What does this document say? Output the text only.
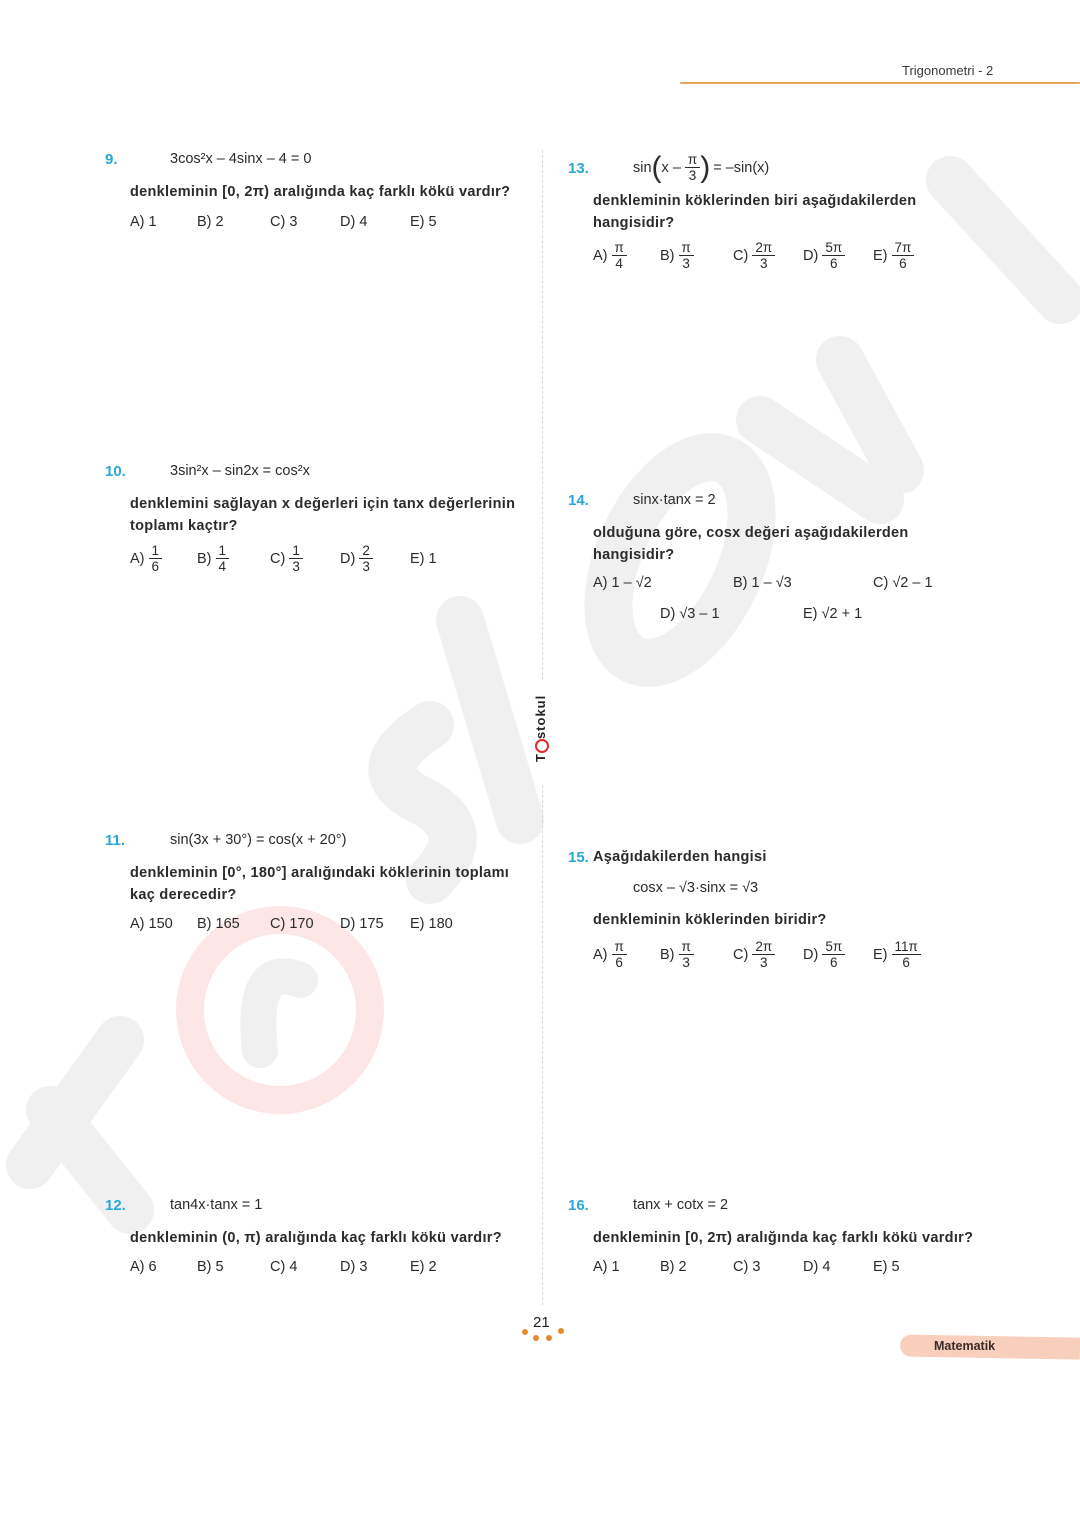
Trigonometri - 2
Tstokul
9.	3cos²x – 4sinx – 4 = 0
denkleminin [0, 2π) aralığında kaç farklı kökü vardır?
A) 1	B) 2	C) 3	D) 4	E) 5
10.	3sin²x – sin2x = cos²x
denklemini sağlayan x değerleri için tanx değerlerinin toplamı kaçtır?
$A) \frac{1}{6} B) \frac{1}{4}$	$C) \frac{1}{3}$	$D) \frac{2}{3}$	E)
1
11.	sin(3x + 30°) = cos(x + 20°)
denkleminin [0°, 180°] aralığındaki köklerinin toplamı kaç derecedir?
A) 150 B) 165 C) 170 D) 175 E) 180
12.	tan4x·tanx = 1
denkleminin (0, π) aralığında kaç farklı kökü vardır?
A) 6	B) 5	C) 4	D) 3	E) 2
13.	sin ( x – $\frac{\pi}{3}$ ) = –sin(x)
denkleminin köklerinden biri aşağıdakilerden hangisidir?
$A) \frac{\pi}{4} B) \frac{\pi}{3}$	$C) \frac{2\pi}{3} D) \frac{5\pi}{6} E) \frac{7\pi}{6}$
14.	sinx·tanx = 2
olduğuna göre, cosx değeri aşağıdakilerden hangisidir?
A) 1 – √2	B) 1 – √3	C) √2 – 1
D) √3 – 1	E) √2 + 1
15. Aşağıdakilerden hangisi
cosx – √3·sinx = √3
denkleminin köklerinden biridir?
$A) \frac{\pi}{6} B) \frac{\pi}{3}$	$C) \frac{2\pi}{3} D) \frac{5\pi}{6} E) \frac{11\pi}{6}$
16.	tanx + cotx = 2
denkleminin [0, 2π) aralığında kaç farklı kökü vardır?
A) 1	B) 2	C) 3	D) 4	E) 5
21
Matematik
